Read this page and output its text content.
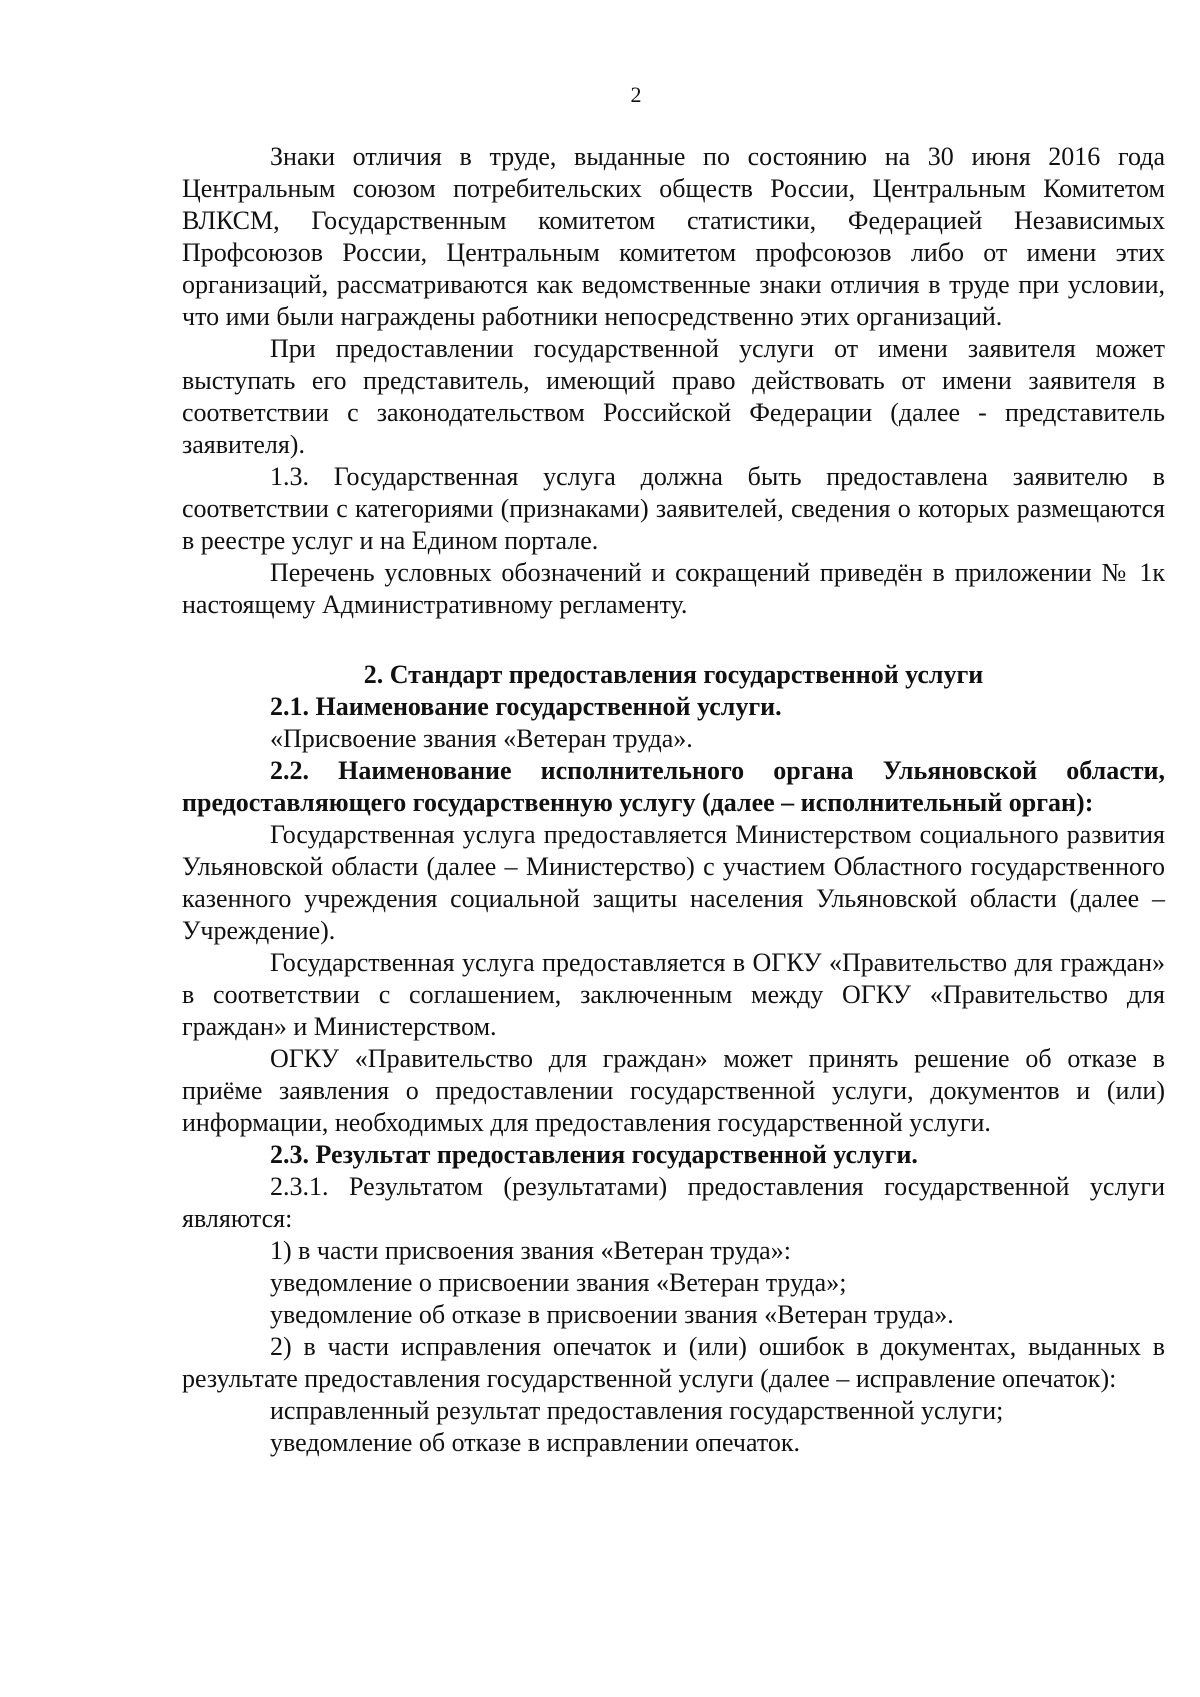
2

Знаки отличия в труде, выданные по состоянию на 30 июня 2016 года Центральным союзом потребительских обществ России, Центральным Комитетом ВЛКСМ, Государственным комитетом статистики, Федерацией Независимых Профсоюзов России, Центральным комитетом профсоюзов либо от имени этих организаций, рассматриваются как ведомственные знаки отличия в труде при условии, что ими были награждены работники непосредственно этих организаций.

При предоставлении государственной услуги от имени заявителя может выступать его представитель, имеющий право действовать от имени заявителя в соответствии с законодательством Российской Федерации (далее - представитель заявителя).

1.3. Государственная услуга должна быть предоставлена заявителю в соответствии с категориями (признаками) заявителей, сведения о которых размещаются в реестре услуг и на Едином портале.

Перечень условных обозначений и сокращений приведён в приложении № 1к настоящему Административному регламенту.

2. Стандарт предоставления государственной услуги

2.1. Наименование государственной услуги.

«Присвоение звания «Ветеран труда».

2.2. Наименование исполнительного органа Ульяновской области, предоставляющего государственную услугу (далее – исполнительный орган):

Государственная услуга предоставляется Министерством социального развития Ульяновской области (далее – Министерство) с участием Областного государственного казенного учреждения социальной защиты населения Ульяновской области (далее – Учреждение).

Государственная услуга предоставляется в ОГКУ «Правительство для граждан» в соответствии с соглашением, заключенным между ОГКУ «Правительство для граждан» и Министерством.

ОГКУ «Правительство для граждан» может принять решение об отказе в приёме заявления о предоставлении государственной услуги, документов и (или) информации, необходимых для предоставления государственной услуги.

2.3. Результат предоставления государственной услуги.

2.3.1. Результатом (результатами) предоставления государственной услуги являются:

1) в части присвоения звания «Ветеран труда»:

уведомление о присвоении звания «Ветеран труда»;

уведомление об отказе в присвоении звания «Ветеран труда».

2) в части исправления опечаток и (или) ошибок в документах, выданных в результате предоставления государственной услуги (далее – исправление опечаток):

исправленный результат предоставления государственной услуги;

уведомление об отказе в исправлении опечаток.
